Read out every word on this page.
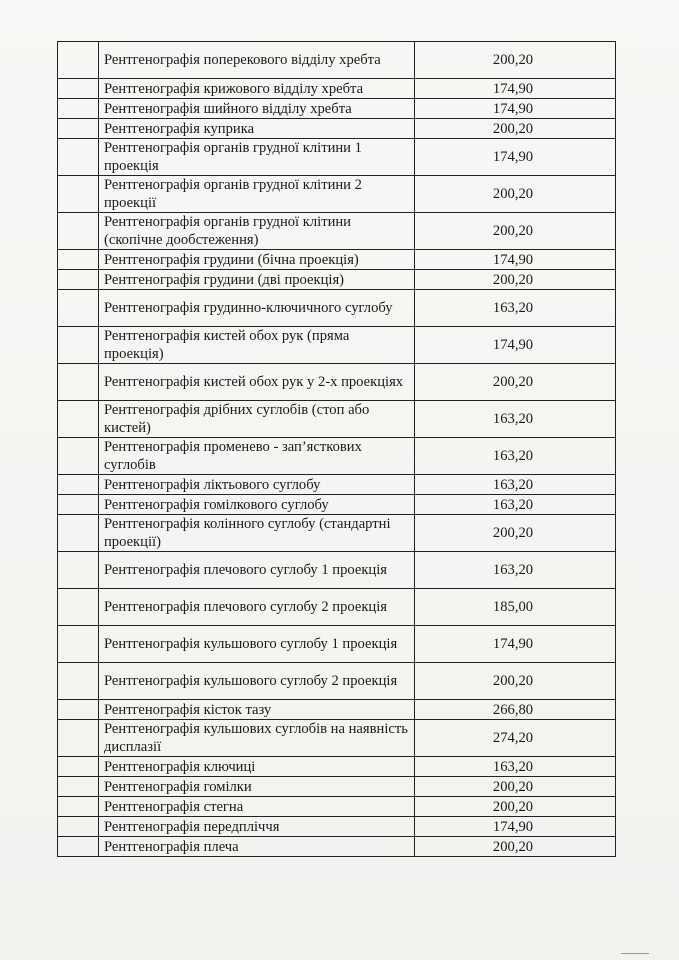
	Рентгенографія поперекового відділу хребта	200,20
	Рентгенографія крижового відділу хребта	174,90
	Рентгенографія шийного відділу хребта	174,90
	Рентгенографія куприка	200,20
	Рентгенографія органів грудної клітини 1 проекція	174,90
	Рентгенографія органів грудної клітини 2 проекції	200,20
	Рентгенографія органів грудної клітини (скопічне дообстеження)	200,20
	Рентгенографія грудини (бічна проекція)	174,90
	Рентгенографія грудини (дві проекція)	200,20
	Рентгенографія грудинно-ключичного суглобу	163,20
	Рентгенографія кистей обох рук (пряма проекція)	174,90
	Рентгенографія кистей обох рук у 2-х проекціях	200,20
	Рентгенографія дрібних суглобів (стоп або кистей)	163,20
	Рентгенографія променево - зап’ясткових суглобів	163,20
	Рентгенографія ліктьового суглобу	163,20
	Рентгенографія гомілкового суглобу	163,20
	Рентгенографія колінного суглобу (стандартні проекції)	200,20
	Рентгенографія плечового суглобу 1 проекція	163,20
	Рентгенографія плечового суглобу 2 проекція	185,00
	Рентгенографія кульшового суглобу 1 проекція	174,90
	Рентгенографія кульшового суглобу 2 проекція	200,20
	Рентгенографія кісток тазу	266,80
	Рентгенографія кульшових суглобів на наявність дисплазії	274,20
	Рентгенографія ключиці	163,20
	Рентгенографія гомілки	200,20
	Рентгенографія стегна	200,20
	Рентгенографія передпліччя	174,90
	Рентгенографія плеча	200,20
